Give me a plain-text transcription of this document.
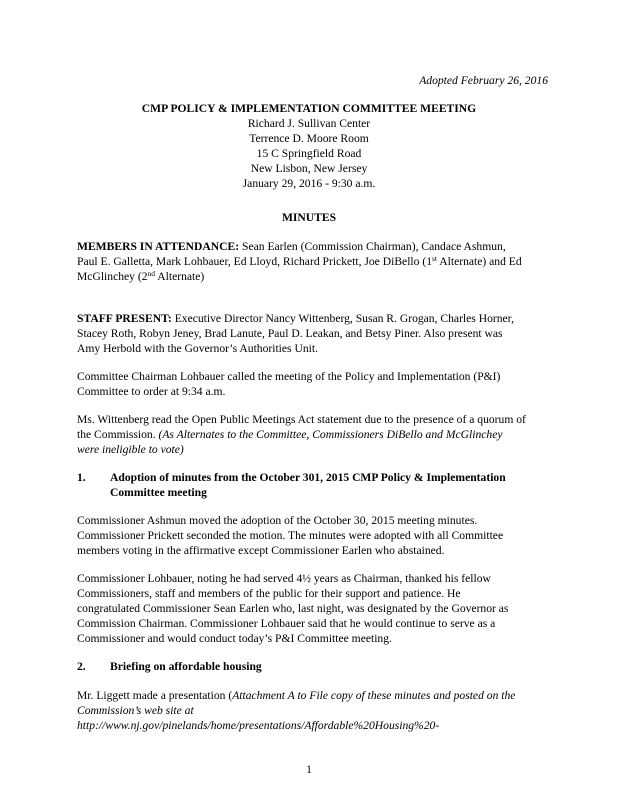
Adopted February 26, 2016
CMP POLICY & IMPLEMENTATION COMMITTEE MEETING
Richard J. Sullivan Center
Terrence D. Moore Room
15 C Springfield Road
New Lisbon, New Jersey
January 29, 2016 - 9:30 a.m.
MINUTES
MEMBERS IN ATTENDANCE: Sean Earlen (Commission Chairman), Candace Ashmun,
Paul E. Galletta, Mark Lohbauer, Ed Lloyd, Richard Prickett, Joe DiBello (1st Alternate) and Ed
McGlinchey (2nd Alternate)
STAFF PRESENT: Executive Director Nancy Wittenberg, Susan R. Grogan, Charles Horner,
Stacey Roth, Robyn Jeney, Brad Lanute, Paul D. Leakan, and Betsy Piner. Also present was
Amy Herbold with the Governor’s Authorities Unit.
Committee Chairman Lohbauer called the meeting of the Policy and Implementation (P&I)
Committee to order at 9:34 a.m.
Ms. Wittenberg read the Open Public Meetings Act statement due to the presence of a quorum of
the Commission. (As Alternates to the Committee, Commissioners DiBello and McGlinchey
were ineligible to vote)
1. Adoption of minutes from the October 301, 2015 CMP Policy & Implementation
Committee meeting
Commissioner Ashmun moved the adoption of the October 30, 2015 meeting minutes.
Commissioner Prickett seconded the motion. The minutes were adopted with all Committee
members voting in the affirmative except Commissioner Earlen who abstained.
Commissioner Lohbauer, noting he had served 4½ years as Chairman, thanked his fellow
Commissioners, staff and members of the public for their support and patience. He
congratulated Commissioner Sean Earlen who, last night, was designated by the Governor as
Commission Chairman. Commissioner Lohbauer said that he would continue to serve as a
Commissioner and would conduct today’s P&I Committee meeting.
2. Briefing on affordable housing
Mr. Liggett made a presentation (Attachment A to File copy of these minutes and posted on the
Commission’s web site at
http://www.nj.gov/pinelands/home/presentations/Affordable%20Housing%20-
1
